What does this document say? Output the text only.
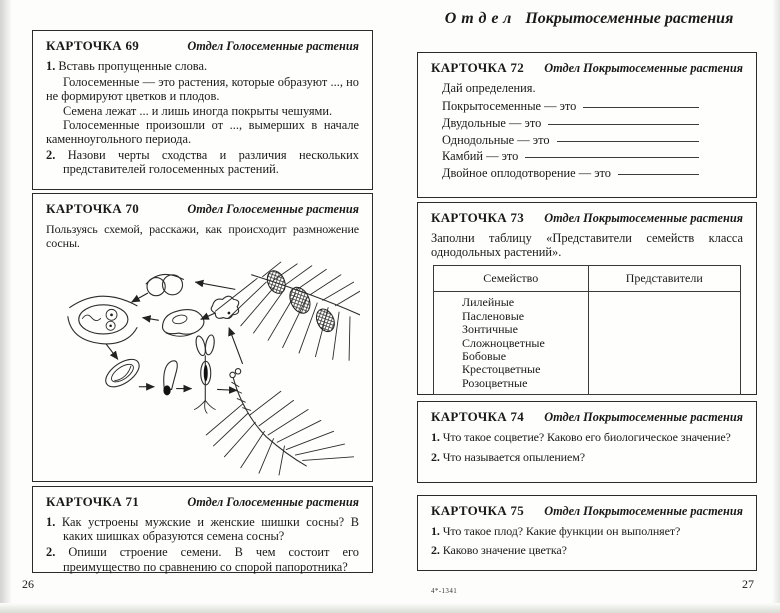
КАРТОЧКА 69	Отдел Голосеменные растения

1. Вставь пропущенные слова.

Голосеменные — это растения, которые образуют ..., но не формируют цветков и плодов.

Семена лежат ... и лишь иногда покрыты чешуями.

Голосеменные произошли от ..., вымерших в начале каменноугольного периода.

2. Назови черты сходства и различия нескольких представителей голосеменных растений.

КАРТОЧКА 70	Отдел Голосеменные растения

Пользуясь схемой, расскажи, как происходит размножение сосны.

КАРТОЧКА 71	Отдел Голосеменные растения

1. Как устроены мужские и женские шишки сосны? В каких шишках образуются семена сосны?

2. Опиши строение семени. В чем состоит его преимущество по сравнению со спорой папоротника?

26
Отдел Покрытосеменные растения
КАРТОЧКА 72 Отдел Покрытосеменные растения

Дай определения.

Покрытосеменные — это
Двудольные — это
Однодольные — это
Камбий — это
Двойное оплодотворение — это
КАРТОЧКА 73 Отдел Покрытосеменные растения

Заполни таблицу «Представители семейств класса однодольных растений».

Семейство	Представители
Лилейные
Пасленовые
Зонтичные
Сложноцветные
Бобовые
Крестоцветные
Розоцветные
КАРТОЧКА 74 Отдел Покрытосеменные растения

1. Что такое соцветие? Каково его биологическое значение?

2. Что называется опылением?

КАРТОЧКА 75 Отдел Покрытосеменные растения

1. Что такое плод? Какие функции он выполняет?

2. Каково значение цветка?

4*-1341	27
